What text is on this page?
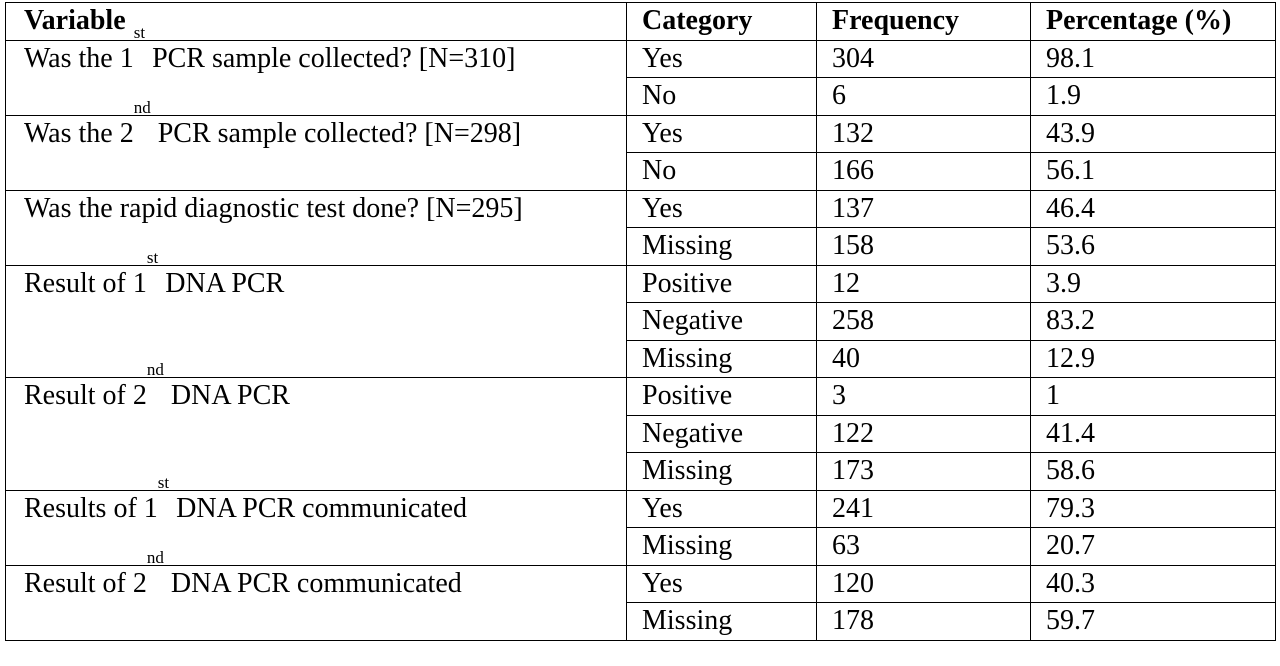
Variable	Category	Frequency	Percentage (%)
Was the 1st PCR sample collected? [N=310]	Yes	304	98.1
	No	6	1.9
Was the 2nd PCR sample collected? [N=298]	Yes	132	43.9
	No	166	56.1
Was the rapid diagnostic test done? [N=295]	Yes	137	46.4
	Missing	158	53.6
Result of 1st DNA PCR	Positive	12	3.9
	Negative	258	83.2
	Missing	40	12.9
Result of 2nd DNA PCR	Positive	3	1
	Negative	122	41.4
	Missing	173	58.6
Results of 1st DNA PCR communicated	Yes	241	79.3
	Missing	63	20.7
Result of 2nd DNA PCR communicated	Yes	120	40.3
	Missing	178	59.7
